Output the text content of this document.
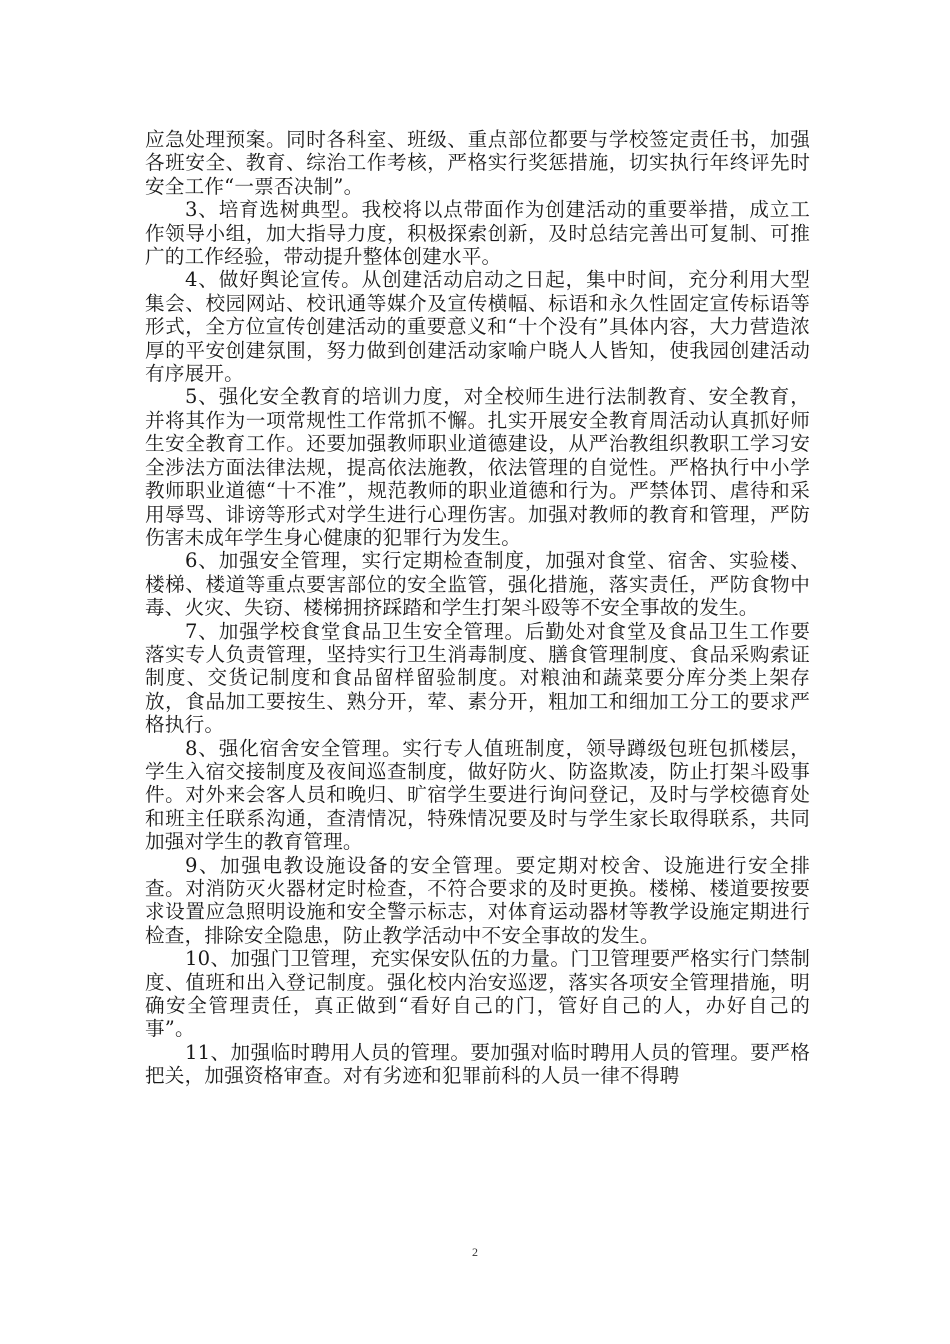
应急处理预案。同时各科室、班级、重点部位都要与学校签定责任书，加强各班安全、教育、综治工作考核，严格实行奖惩措施，切实执行年终评先时安全工作“一票否决制”。

3、培育选树典型。我校将以点带面作为创建活动的重要举措，成立工作领导小组，加大指导力度，积极探索创新，及时总结完善出可复制、可推广的工作经验，带动提升整体创建水平。

4、做好舆论宣传。从创建活动启动之日起，集中时间，充分利用大型集会、校园网站、校讯通等媒介及宣传横幅、标语和永久性固定宣传标语等形式，全方位宣传创建活动的重要意义和“十个没有”具体内容，大力营造浓厚的平安创建氛围，努力做到创建活动家喻户晓人人皆知，使我园创建活动有序展开。

5、强化安全教育的培训力度，对全校师生进行法制教育、安全教育，并将其作为一项常规性工作常抓不懈。扎实开展安全教育周活动认真抓好师生安全教育工作。还要加强教师职业道德建设，从严治教组织教职工学习安全涉法方面法律法规，提高依法施教，依法管理的自觉性。严格执行中小学教师职业道德“十不准”，规范教师的职业道德和行为。严禁体罚、虐待和采用辱骂、诽谤等形式对学生进行心理伤害。加强对教师的教育和管理，严防伤害未成年学生身心健康的犯罪行为发生。

6、加强安全管理，实行定期检查制度，加强对食堂、宿舍、实验楼、楼梯、楼道等重点要害部位的安全监管，强化措施，落实责任，严防食物中毒、火灾、失窃、楼梯拥挤踩踏和学生打架斗殴等不安全事故的发生。

7、加强学校食堂食品卫生安全管理。后勤处对食堂及食品卫生工作要落实专人负责管理，坚持实行卫生消毒制度、膳食管理制度、食品采购索证制度、交货记制度和食品留样留验制度。对粮油和蔬菜要分库分类上架存放，食品加工要按生、熟分开，荤、素分开，粗加工和细加工分工的要求严格执行。

8、强化宿舍安全管理。实行专人值班制度，领导蹲级包班包抓楼层，学生入宿交接制度及夜间巡查制度，做好防火、防盗欺凌，防止打架斗殴事件。对外来会客人员和晚归、旷宿学生要进行询问登记，及时与学校德育处和班主任联系沟通，查清情况，特殊情况要及时与学生家长取得联系，共同加强对学生的教育管理。

9、加强电教设施设备的安全管理。要定期对校舍、设施进行安全排查。对消防灭火器材定时检查，不符合要求的及时更换。楼梯、楼道要按要求设置应急照明设施和安全警示标志，对体育运动器材等教学设施定期进行检查，排除安全隐患，防止教学活动中不安全事故的发生。

10、加强门卫管理，充实保安队伍的力量。门卫管理要严格实行门禁制度、值班和出入登记制度。强化校内治安巡逻，落实各项安全管理措施，明确安全管理责任，真正做到“看好自己的门，管好自己的人，办好自己的事”。

11、加强临时聘用人员的管理。要加强对临时聘用人员的管理。要严格把关，加强资格审查。对有劣迹和犯罪前科的人员一律不得聘

2
